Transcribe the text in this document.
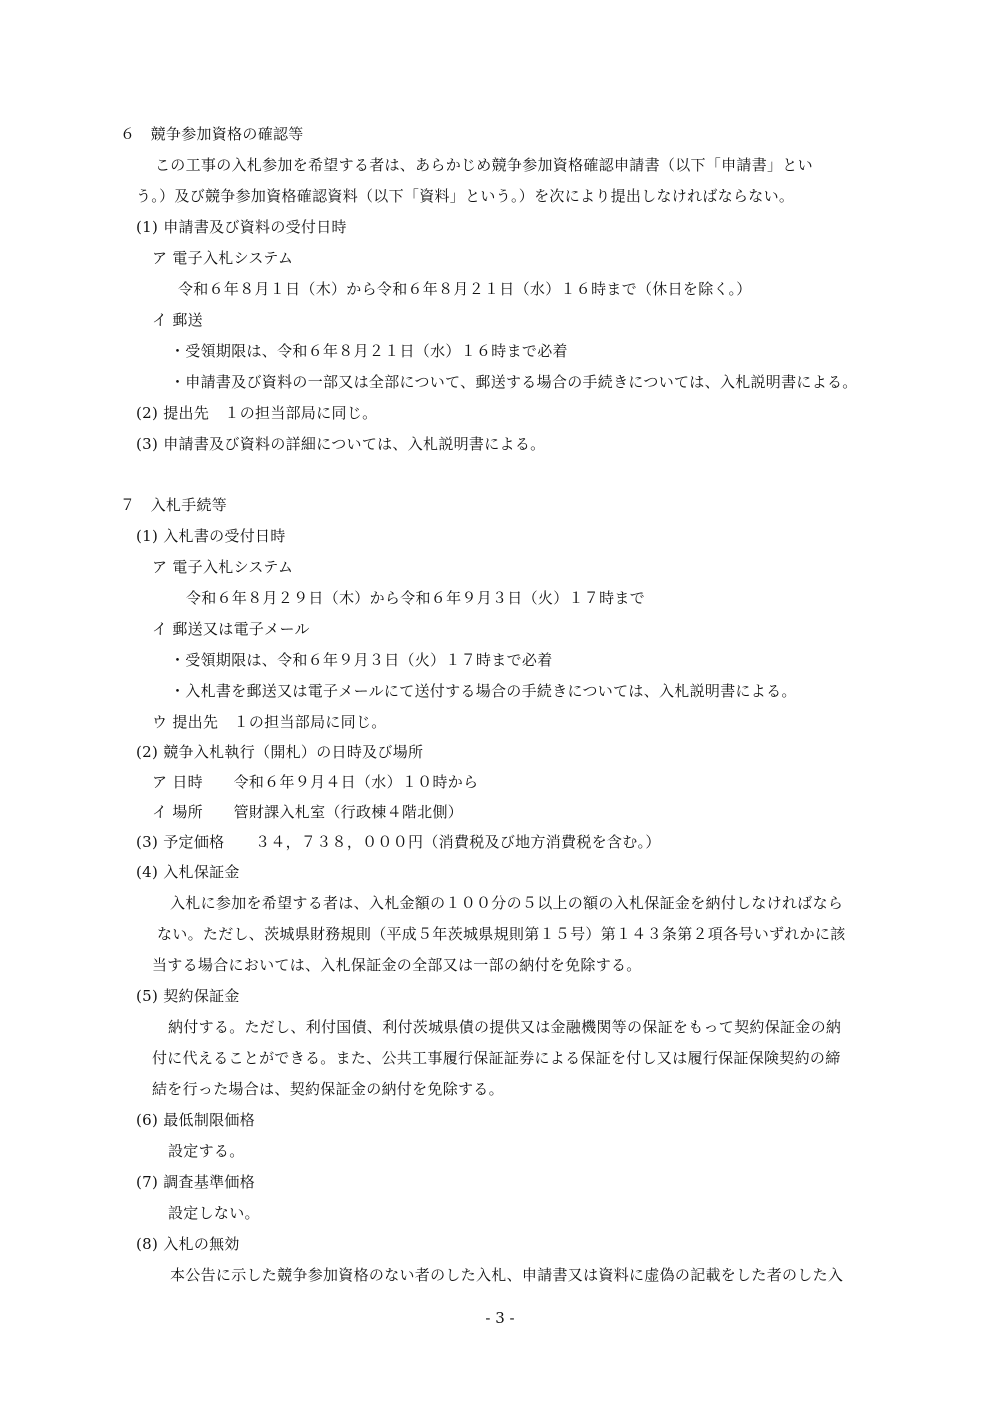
６　競争参加資格の確認等
この工事の入札参加を希望する者は、あらかじめ競争参加資格確認申請書（以下「申請書」とい
う。）及び競争参加資格確認資料（以下「資料」という。）を次により提出しなければならない。
(1) 申請書及び資料の受付日時
ア 電子入札システム
令和６年８月１日（木）から令和６年８月２１日（水）１６時まで（休日を除く。）
イ 郵送
・受領期限は、令和６年８月２１日（水）１６時まで必着
・申請書及び資料の一部又は全部について、郵送する場合の手続きについては、入札説明書による。
(2) 提出先　１の担当部局に同じ。
(3) 申請書及び資料の詳細については、入札説明書による。
７　入札手続等
(1) 入札書の受付日時
ア 電子入札システム
令和６年８月２９日（木）から令和６年９月３日（火）１７時まで
イ 郵送又は電子メール
・受領期限は、令和６年９月３日（火）１７時まで必着
・入札書を郵送又は電子メールにて送付する場合の手続きについては、入札説明書による。
ウ 提出先　１の担当部局に同じ。
(2) 競争入札執行（開札）の日時及び場所
ア 日時　　令和６年９月４日（水）１０時から
イ 場所　　管財課入札室（行政棟４階北側）
(3) 予定価格　　３４，７３８，０００円（消費税及び地方消費税を含む。）
(4) 入札保証金
入札に参加を希望する者は、入札金額の１００分の５以上の額の入札保証金を納付しなければなら
ない。ただし、茨城県財務規則（平成５年茨城県規則第１５号）第１４３条第２項各号いずれかに該
当する場合においては、入札保証金の全部又は一部の納付を免除する。
(5) 契約保証金
納付する。ただし、利付国債、利付茨城県債の提供又は金融機関等の保証をもって契約保証金の納
付に代えることができる。また、公共工事履行保証証券による保証を付し又は履行保証保険契約の締
結を行った場合は、契約保証金の納付を免除する。
(6) 最低制限価格
設定する。
(7) 調査基準価格
設定しない。
(8) 入札の無効
本公告に示した競争参加資格のない者のした入札、申請書又は資料に虚偽の記載をした者のした入
- 3 -
